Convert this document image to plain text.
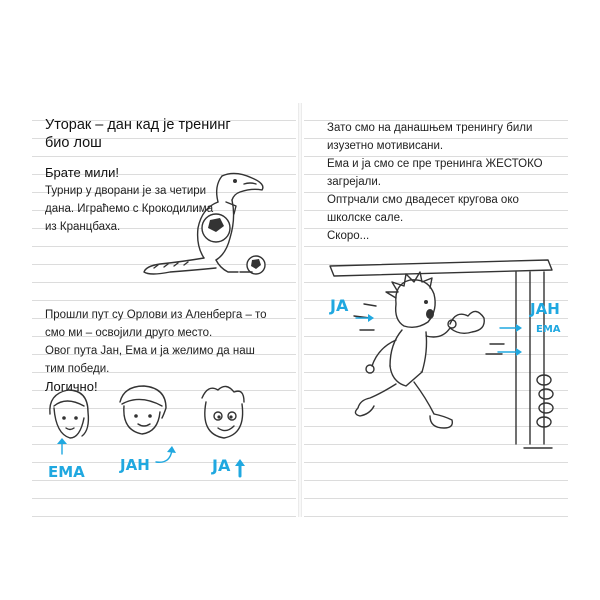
Уторак – дан кад је тренинг
био лош
Брате мили!
Турнир у дворани је за четири
дана. Играћемо с Крокодилима
из Кранцбаха.
Прошли пут су Орлови из Аленберга – то
смо ми – освојили друго место.
Овог пута Јан, Ема и ја желимо да наш
тим победи.
Логично!
ЕМА ЈАН	ЈА
Зато смо на данашњем тренингу били
изузетно мотивисани.
Ема и ја смо се пре тренинга ЖЕСТОКО
загрејали.
Оптрчали смо двадесет кругова око
школске сале.
Скоро...
ЈА	ЈАН
ЕМА
